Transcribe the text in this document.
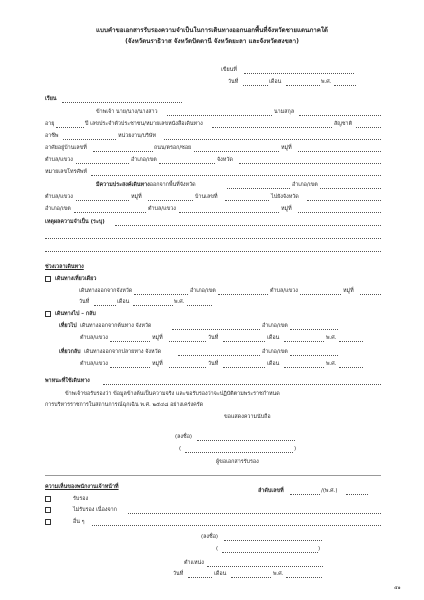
แบบคำขอเอกสารรับรองความจำเป็นในการเดินทางออกนอกพื้นที่จังหวัดชายแดนภาคใต้
(จังหวัดนราธิวาส จังหวัดปัตตานี จังหวัดยะลา และจังหวัดสงขลา)
เขียนที่
วันที่	เดือน	พ.ศ.
เรียน
ข้าพเจ้า นาย/นาง/นางสาว	นามสกุล
อายุ	ปี เลขประจำตัวประชาชน/หมายเลขหนังสือเดินทาง	สัญชาติ
อาชีพ	หน่วยงาน/บริษัท
อาศัยอยู่บ้านเลขที่	ถนน/ตรอก/ซอย	หมู่ที่
ตำบล/แขวง	อำเภอ/เขต	จังหวัด
หมายเลขโทรศัพท์
มีความประสงค์เดินทางออกจากพื้นที่จังหวัด	อำเภอ/เขต
ตำบล/แขวง	หมู่ที่	บ้านเลขที่	ไปยังจังหวัด
อำเภอ/เขต	ตำบล/แขวง	หมู่ที่
เหตุผลความจำเป็น (ระบุ)
ช่วงเวลาเดินทาง
เดินทางเที่ยวเดียว
เดินทางออกจากจังหวัด	อำเภอ/เขต	ตำบล/แขวง	หมู่ที่
วันที่	เดือน	พ.ศ.
เดินทางไป – กลับ
เที่ยวไป เดินทางออกจากต้นทาง จังหวัด	อำเภอ/เขต
ตำบล/แขวง	หมู่ที่	วันที่	เดือน	พ.ศ.
เที่ยวกลับ เดินทางออกจากปลายทาง จังหวัด	อำเภอ/เขต
ตำบล/แขวง	หมู่ที่	วันที่	เดือน	พ.ศ.
พาหนะที่ใช้เดินทาง
ข้าพเจ้าขอรับรองว่า ข้อมูลข้างต้นเป็นความจริง และขอรับรองว่าจะปฏิบัติตามพระราชกำหนด
การบริหารราชการในสถานการณ์ฉุกเฉิน พ.ศ. ๒๕๔๘ อย่างเคร่งครัด
ขอแสดงความนับถือ
(ลงชื่อ)
(	)
ผู้ขอเอกสารรับรอง
ความเห็นของพนักงานเจ้าหน้าที่
ลำดับเลขที่	/(พ.ศ.)
รับรอง
ไม่รับรอง เนื่องจาก
อื่น ๆ
(ลงชื่อ)
(	)
ตำแหน่ง
วันที่	เดือน	พ.ศ.
๕๑
